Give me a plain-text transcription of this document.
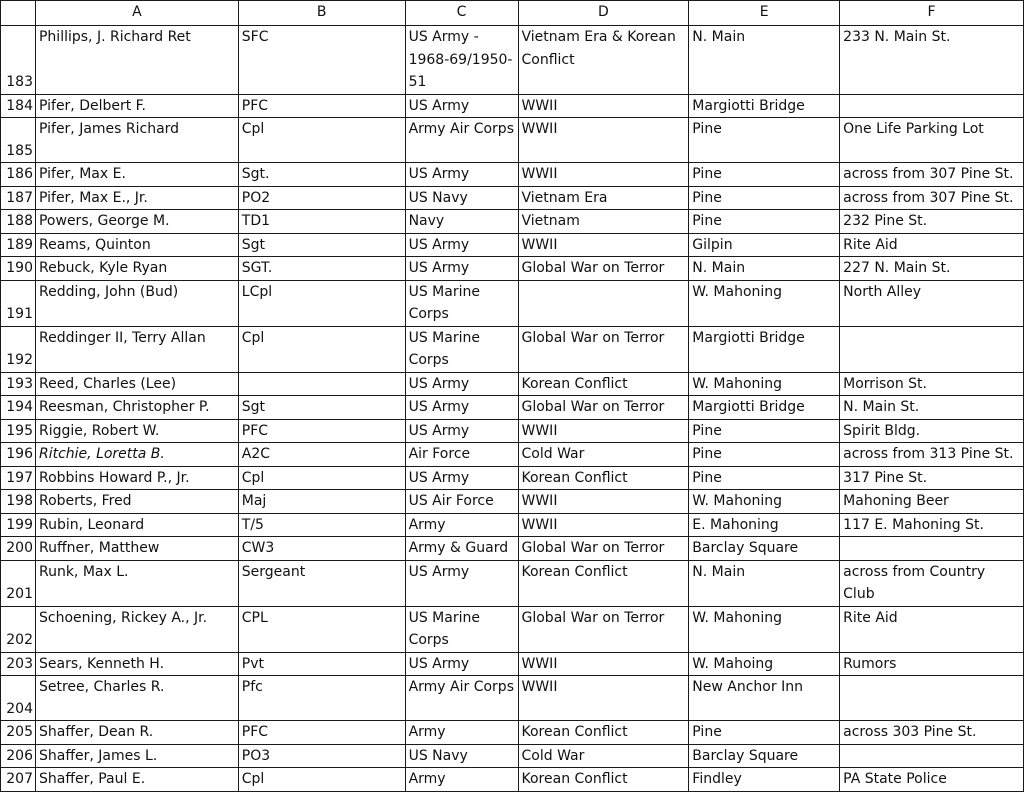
	A	B	C	D	E	F
183	Phillips, J. Richard Ret	SFC	US Army - 1968-69/1950-51	Vietnam Era & Korean Conflict	N. Main	233 N. Main St.
184	Pifer, Delbert F.	PFC	US Army	WWII	Margiotti Bridge	
185	Pifer, James Richard	Cpl	Army Air Corps	WWII	Pine	One Life Parking Lot
186	Pifer, Max E.	Sgt.	US Army	WWII	Pine	across from 307 Pine St.
187	Pifer, Max E., Jr.	PO2	US Navy	Vietnam Era	Pine	across from 307 Pine St.
188	Powers, George M.	TD1	Navy	Vietnam	Pine	232 Pine St.
189	Reams, Quinton	Sgt	US Army	WWII	Gilpin	Rite Aid
190	Rebuck, Kyle Ryan	SGT.	US Army	Global War on Terror	N. Main	227 N. Main St.
191	Redding, John (Bud)	LCpl	US Marine Corps		W. Mahoning	North Alley
192	Reddinger II, Terry Allan	Cpl	US Marine Corps	Global War on Terror	Margiotti Bridge	
193	Reed, Charles (Lee)		US Army	Korean Conflict	W. Mahoning	Morrison St.
194	Reesman, Christopher P.	Sgt	US Army	Global War on Terror	Margiotti Bridge	N. Main St.
195	Riggie, Robert W.	PFC	US Army	WWII	Pine	Spirit Bldg.
196	Ritchie, Loretta B.	A2C	Air Force	Cold War	Pine	across from 313 Pine St.
197	Robbins Howard P., Jr.	Cpl	US Army	Korean Conflict	Pine	317 Pine St.
198	Roberts, Fred	Maj	US Air Force	WWII	W. Mahoning	Mahoning Beer
199	Rubin, Leonard	T/5	Army	WWII	E. Mahoning	117 E. Mahoning St.
200	Ruffner, Matthew	CW3	Army & Guard	Global War on Terror	Barclay Square	
201	Runk, Max L.	Sergeant	US Army	Korean Conflict	N. Main	across from Country Club
202	Schoening, Rickey A., Jr.	CPL	US Marine Corps	Global War on Terror	W. Mahoning	Rite Aid
203	Sears, Kenneth H.	Pvt	US Army	WWII	W. Mahoing	Rumors
204	Setree, Charles R.	Pfc	Army Air Corps	WWII	New Anchor Inn	
205	Shaffer, Dean R.	PFC	Army	Korean Conflict	Pine	across 303 Pine St.
206	Shaffer, James L.	PO3	US Navy	Cold War	Barclay Square	
207	Shaffer, Paul E.	Cpl	Army	Korean Conflict	Findley	PA State Police
